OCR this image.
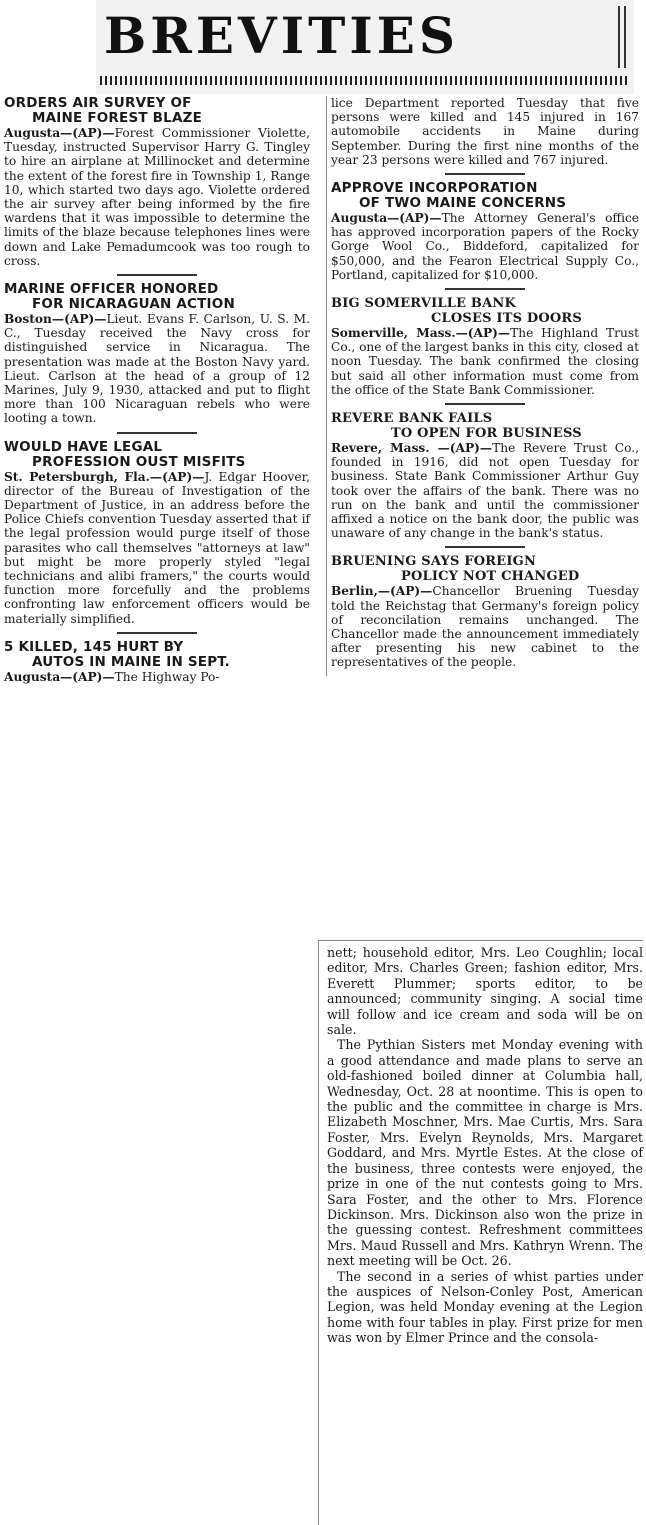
BREVITIES
ORDERS AIR SURVEY OF
MAINE FOREST BLAZE
Augusta—(AP)—Forest Commissioner Violette, Tuesday, instructed Supervisor Harry G. Tingley to hire an airplane at Millinocket and determine the extent of the forest fire in Township 1, Range 10, which started two days ago. Violette ordered the air survey after being informed by the fire wardens that it was impossible to determine the limits of the blaze because telephones lines were down and Lake Pemadumcook was too rough to cross.
MARINE OFFICER HONORED
FOR NICARAGUAN ACTION
Boston—(AP)—Lieut. Evans F. Carlson, U. S. M. C., Tuesday received the Navy cross for distinguished service in Nicaragua. The presentation was made at the Boston Navy yard. Lieut. Carlson at the head of a group of 12 Marines, July 9, 1930, attacked and put to flight more than 100 Nicaraguan rebels who were looting a town.
WOULD HAVE LEGAL
PROFESSION OUST MISFITS
St. Petersburgh, Fla.—(AP)—J. Edgar Hoover, director of the Bureau of Investigation of the Department of Justice, in an address before the Police Chiefs convention Tuesday asserted that if the legal profession would purge itself of those parasites who call themselves "attorneys at law" but might be more properly styled "legal technicians and alibi framers," the courts would function more forcefully and the problems confronting law enforcement officers would be materially simplified.
5 KILLED, 145 HURT BY
AUTOS IN MAINE IN SEPT.
Augusta—(AP)—The Highway Po-
lice Department reported Tuesday that five persons were killed and 145 injured in 167 automobile accidents in Maine during September. During the first nine months of the year 23 persons were killed and 767 injured.
APPROVE INCORPORATION
OF TWO MAINE CONCERNS
Augusta—(AP)—The Attorney General's office has approved incorporation papers of the Rocky Gorge Wool Co., Biddeford, capitalized for $50,000, and the Fearon Electrical Supply Co., Portland, capitalized for $10,000.
BIG SOMERVILLE BANK
CLOSES ITS DOORS
Somerville, Mass.—(AP)—The Highland Trust Co., one of the largest banks in this city, closed at noon Tuesday. The bank confirmed the closing but said all other information must come from the office of the State Bank Commissioner.
REVERE BANK FAILS
TO OPEN FOR BUSINESS
Revere, Mass. —(AP)—The Revere Trust Co., founded in 1916, did not open Tuesday for business. State Bank Commissioner Arthur Guy took over the affairs of the bank. There was no run on the bank and until the commissioner affixed a notice on the bank door, the public was unaware of any change in the bank's status.
BRUENING SAYS FOREIGN
POLICY NOT CHANGED
Berlin,—(AP)—Chancellor Bruening Tuesday told the Reichstag that Germany's foreign policy of reconcilation remains unchanged. The Chancellor made the announcement immediately after presenting his new cabinet to the representatives of the people.

nett; household editor, Mrs. Leo Coughlin; local editor, Mrs. Charles Green; fashion editor, Mrs. Everett Plummer; sports editor, to be announced; community singing. A social time will follow and ice cream and soda will be on sale.

The Pythian Sisters met Monday evening with a good attendance and made plans to serve an old-fashioned boiled dinner at Columbia hall, Wednesday, Oct. 28 at noontime. This is open to the public and the committee in charge is Mrs. Elizabeth Moschner, Mrs. Mae Curtis, Mrs. Sara Foster, Mrs. Evelyn Reynolds, Mrs. Margaret Goddard, and Mrs. Myrtle Estes. At the close of the business, three contests were enjoyed, the prize in one of the nut contests going to Mrs. Sara Foster, and the other to Mrs. Florence Dickinson. Mrs. Dickinson also won the prize in the guessing contest. Refreshment committees Mrs. Maud Russell and Mrs. Kathryn Wrenn. The next meeting will be Oct. 26.

The second in a series of whist parties under the auspices of Nelson-Conley Post, American Legion, was held Monday evening at the Legion home with four tables in play. First prize for men was won by Elmer Prince and the consola-
